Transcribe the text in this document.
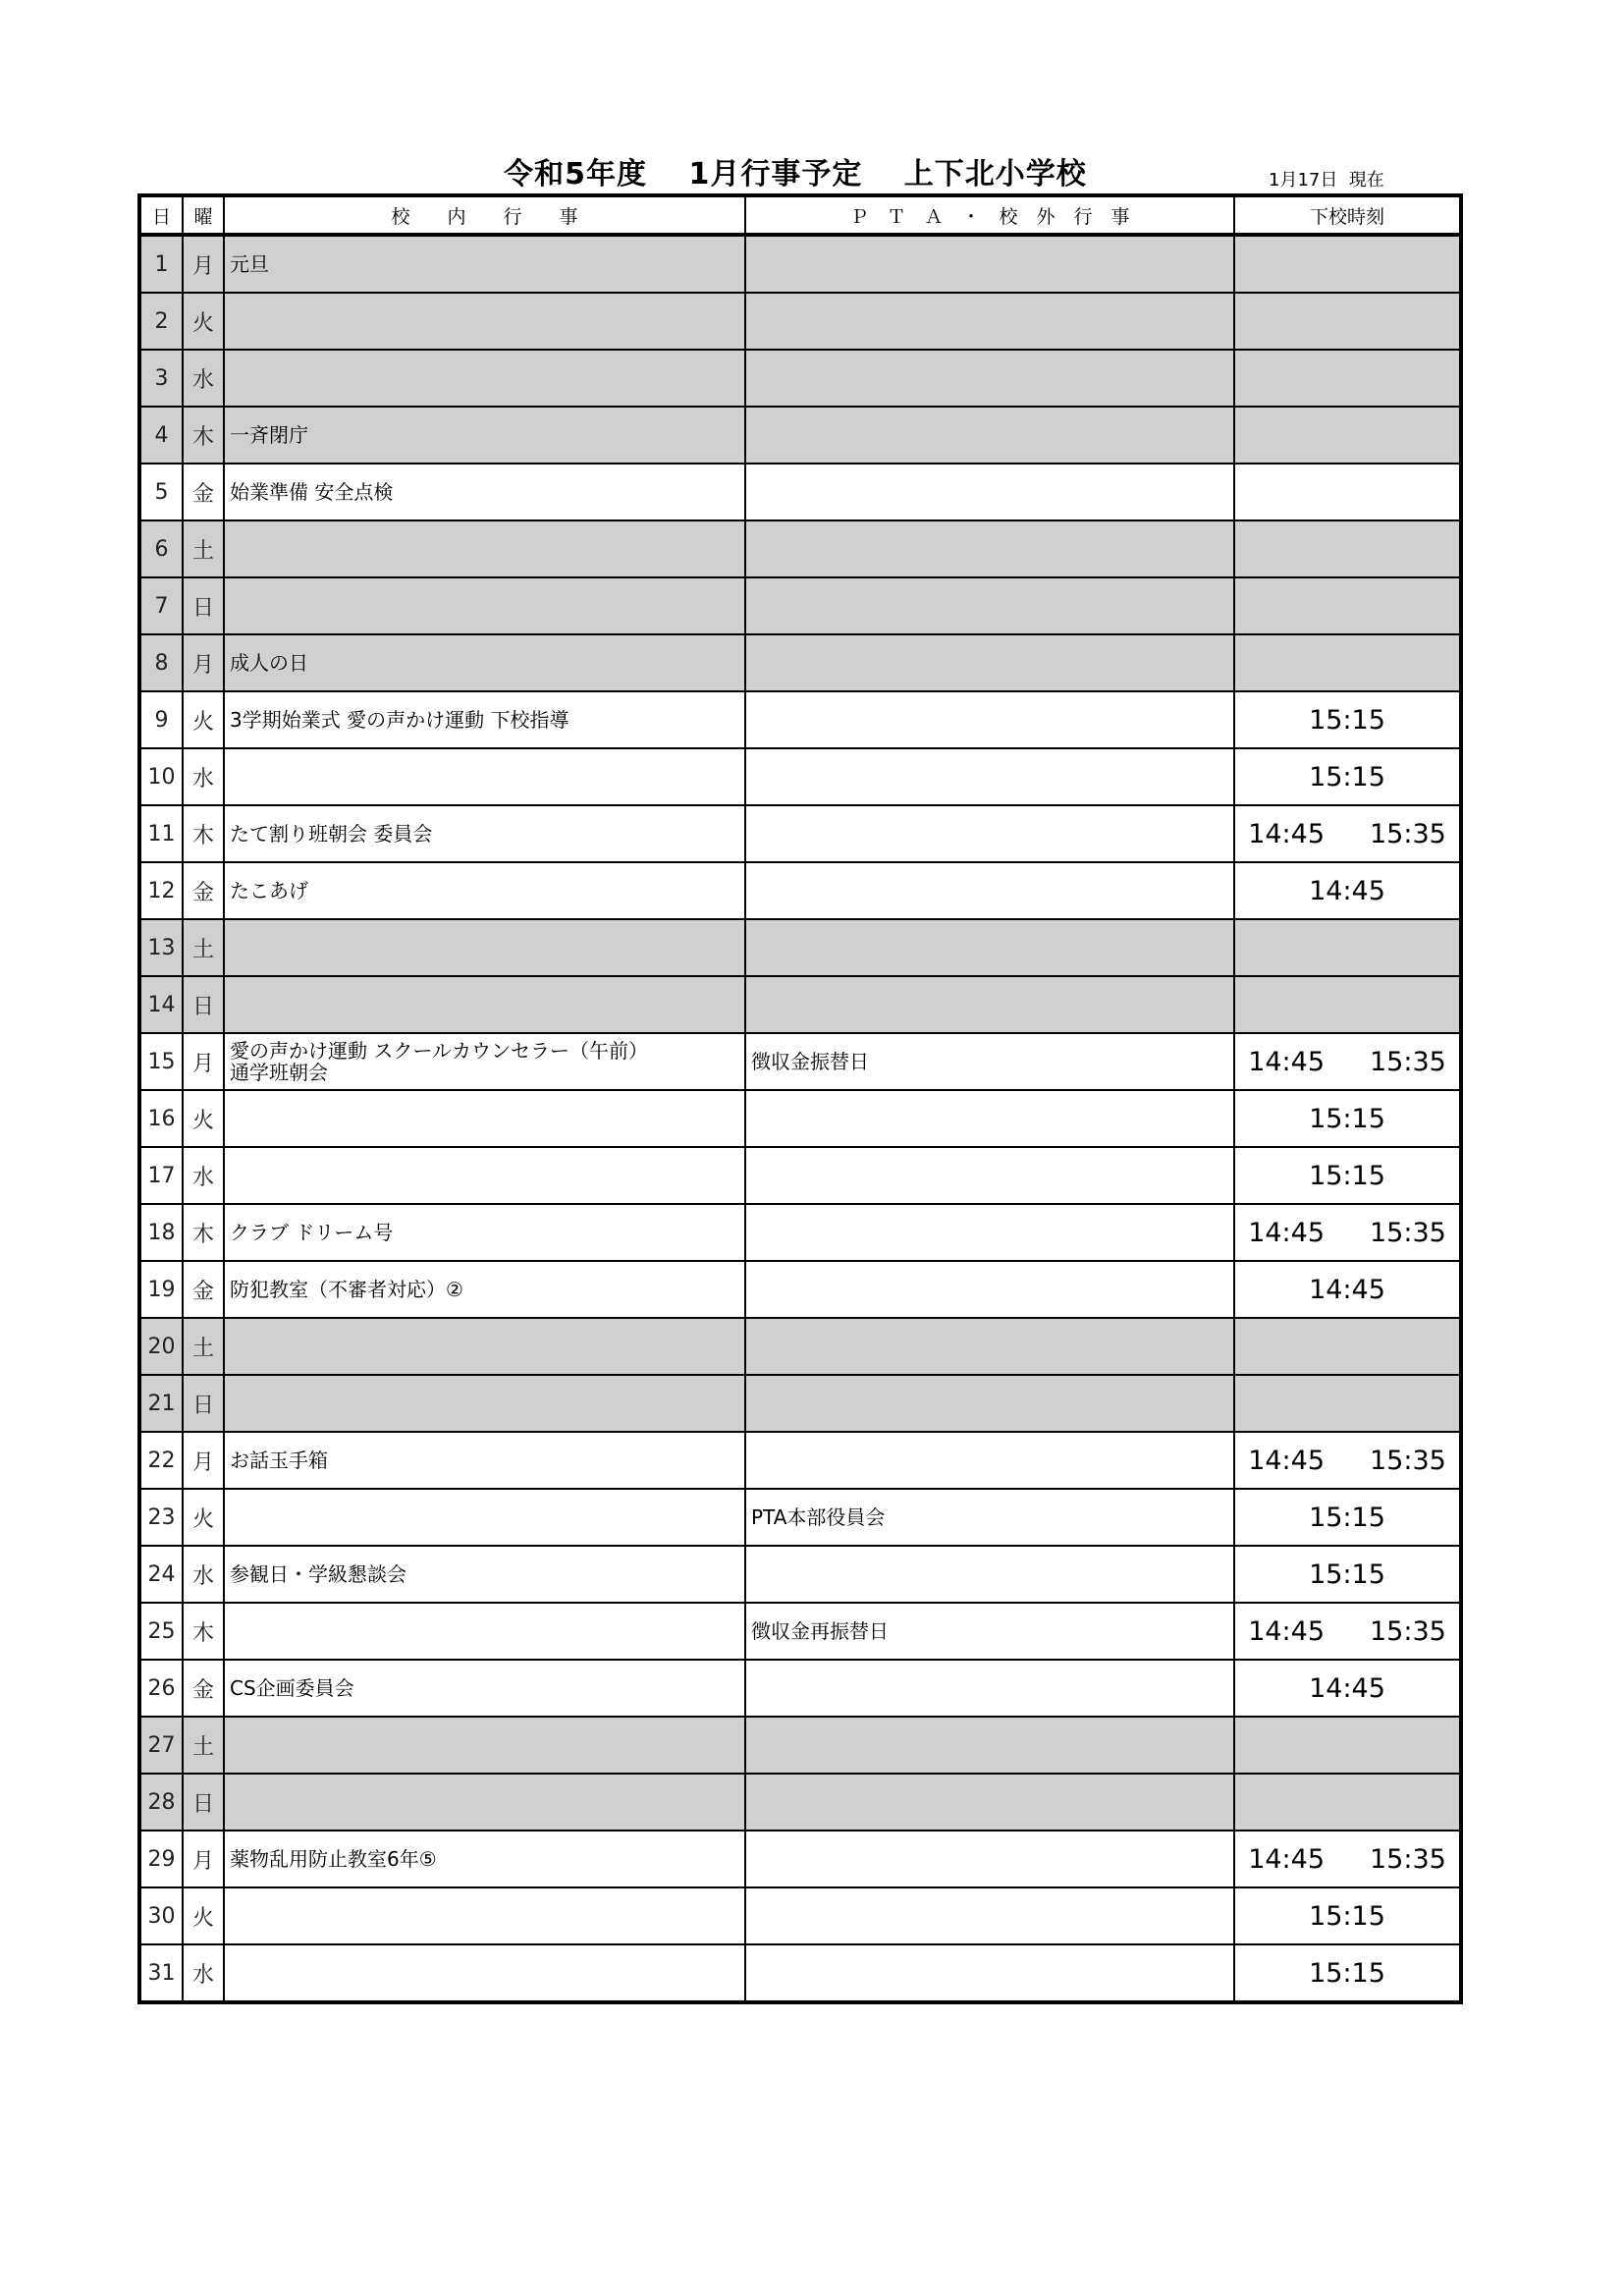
令和5年度　 1月行事予定　 上下北小学校	1月17日  現在
日	曜	校　　内　　行　　事	Ｐ　Ｔ　Ａ　・　校　外　行　事	下校時刻
1	月	元旦		
2	火			
3	水			
4	木	一斉閉庁		
5	金	始業準備 安全点検		
6	土			
7	日			
8	月	成人の日		
9	火	3学期始業式 愛の声かけ運動 下校指導		15:15
10	水			15:15
11	木	たて割り班朝会 委員会		14:45 15:35
12	金	たこあげ		14:45
13	土			
14	日			
15	月	愛の声かけ運動 スクールカウンセラー（午前）
通学班朝会	徴収金振替日	14:45 15:35
16	火			15:15
17	水			15:15
18	木	クラブ ドリーム号		14:45 15:35
19	金	防犯教室（不審者対応）②		14:45
20	土			
21	日			
22	月	お話玉手箱		14:45 15:35
23	火		PTA本部役員会	15:15
24	水	参観日・学級懇談会		15:15
25	木		徴収金再振替日	14:45 15:35
26	金	CS企画委員会		14:45
27	土			
28	日			
29	月	薬物乱用防止教室6年⑤		14:45 15:35
30	火			15:15
31	水			15:15
